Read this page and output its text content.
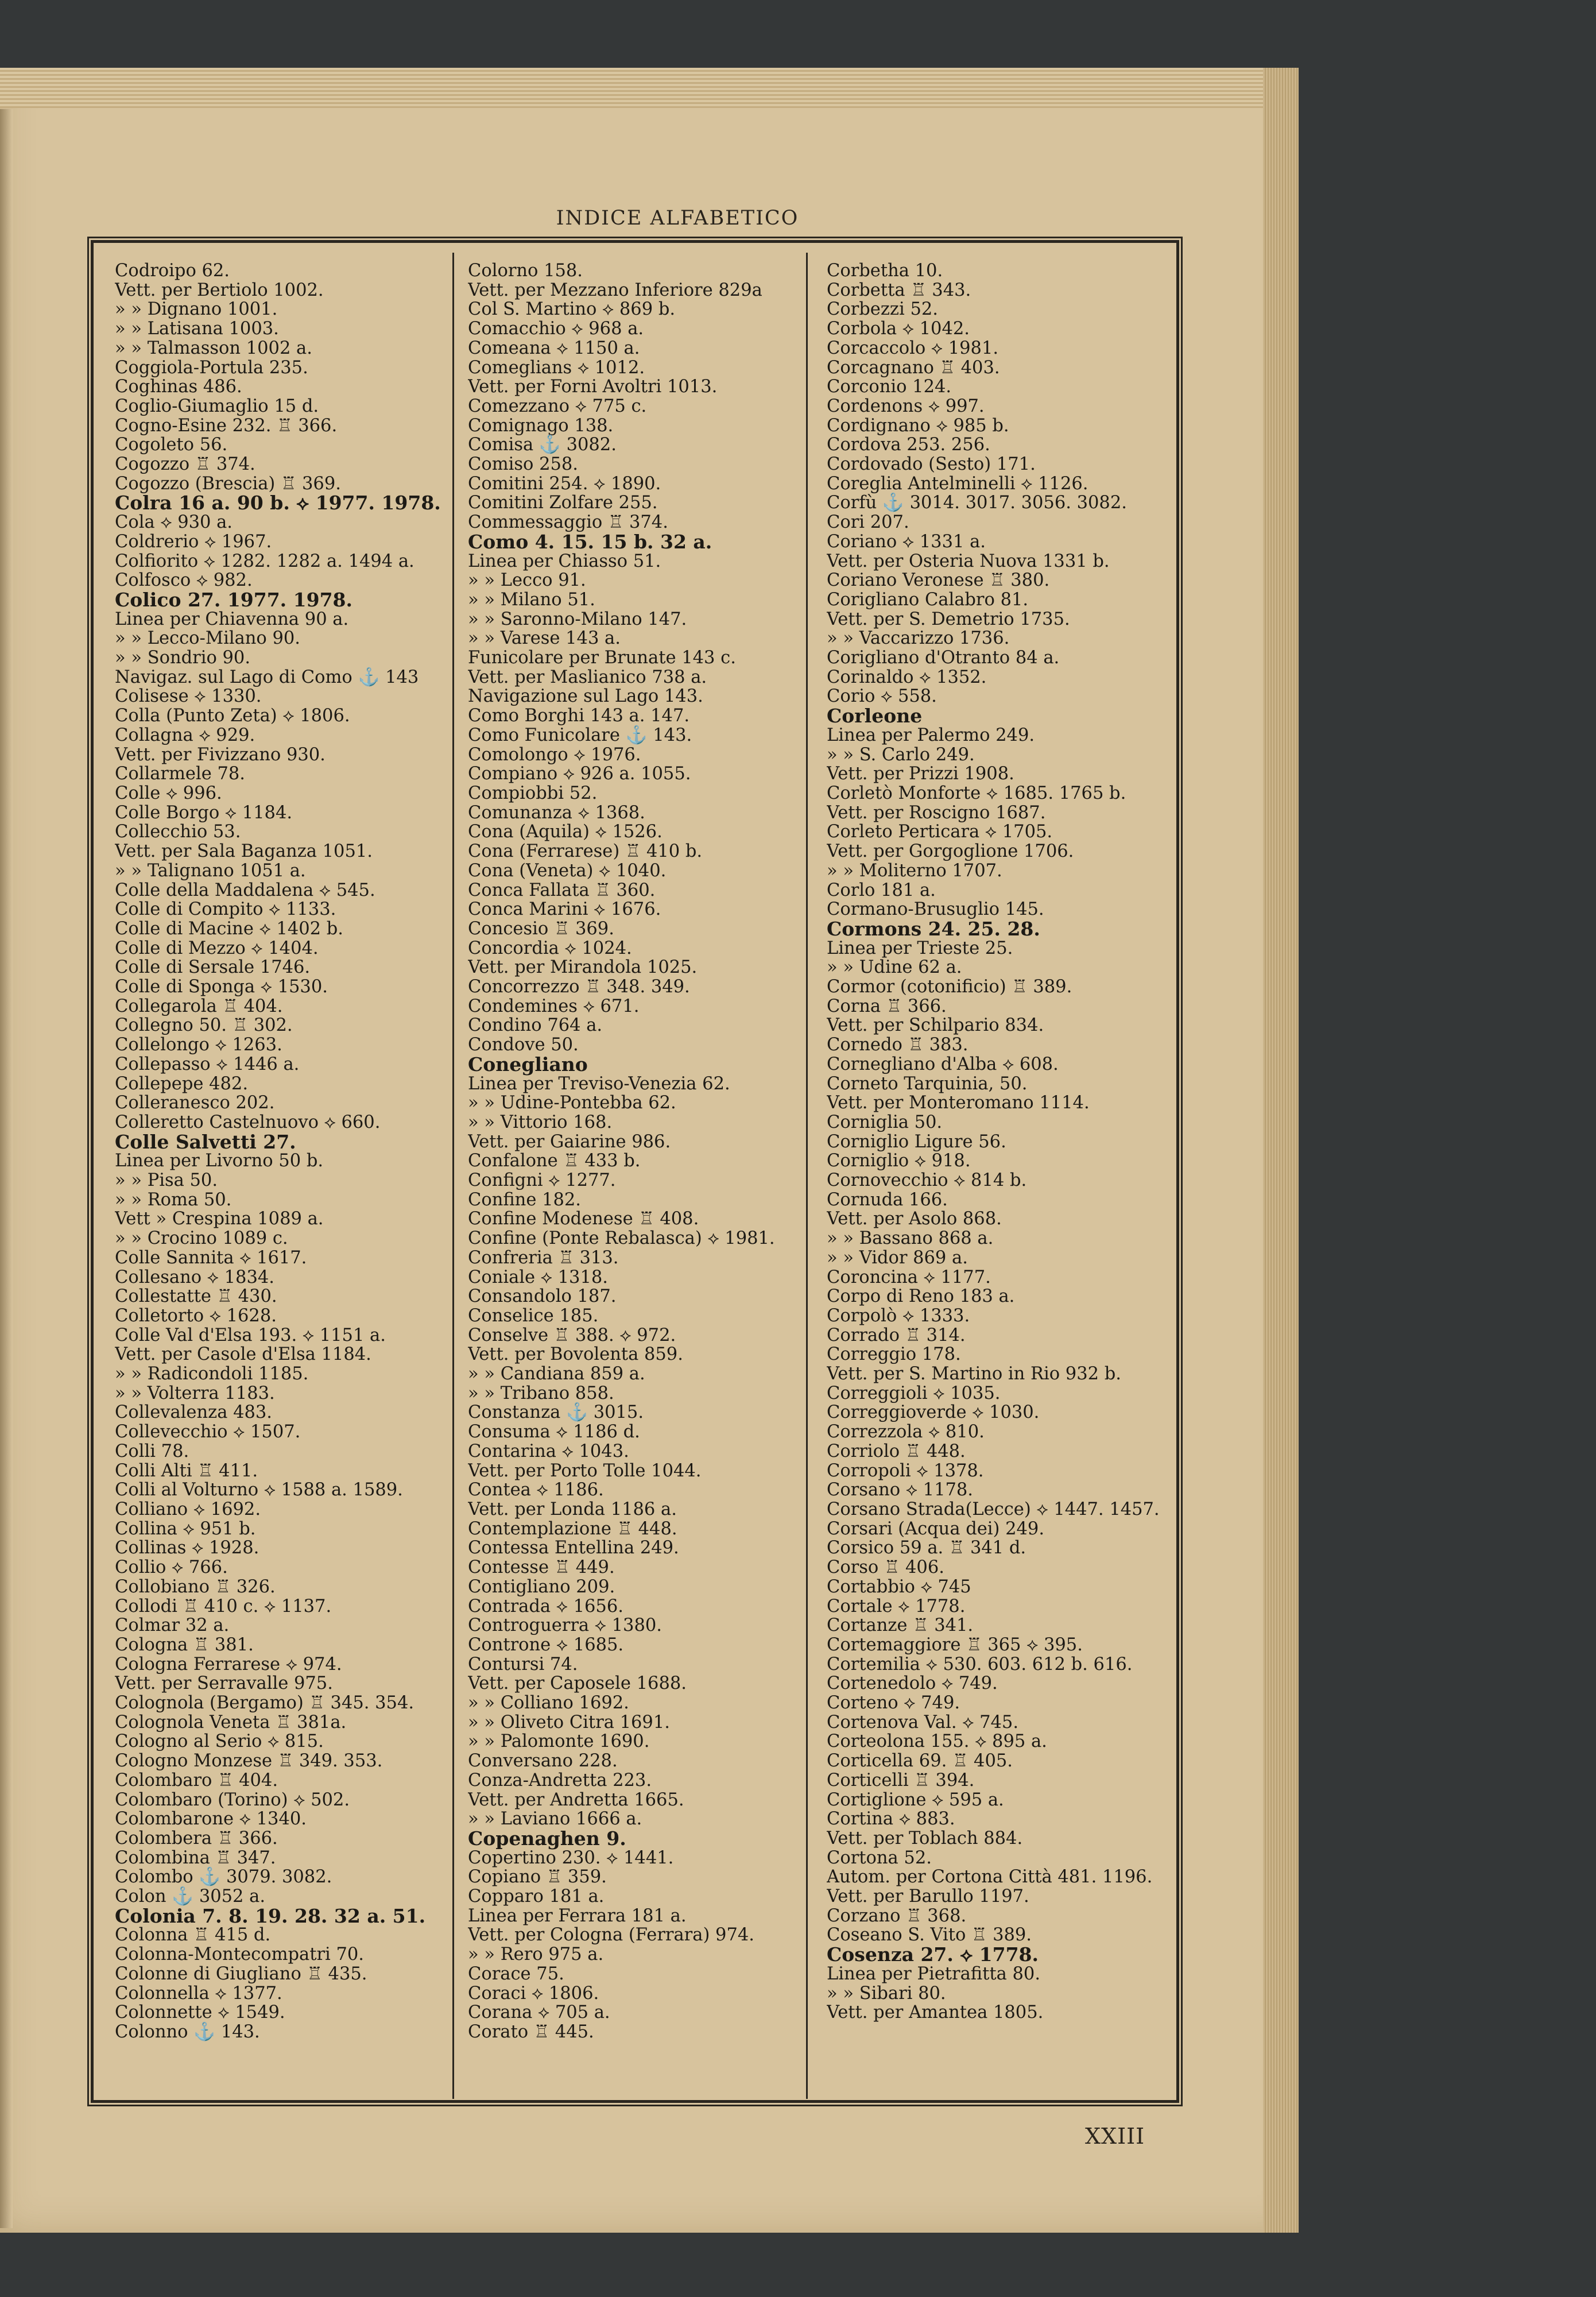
INDICE ALFABETICO
Codroipo 62.
Vett. per Bertiolo 1002.
» » Dignano 1001.
» » Latisana 1003.
» » Talmasson 1002 a.
Coggiola-Portula 235.
Coghinas 486.
Coglio-Giumaglio 15 d.
Cogno-Esine 232. ♖ 366.
Cogoleto 56.
Cogozzo ♖ 374.
Cogozzo (Brescia) ♖ 369.
Colra 16 a. 90 b. ⟡ 1977. 1978.
Cola ⟡ 930 a.
Coldrerio ⟡ 1967.
Colfiorito ⟡ 1282. 1282 a. 1494 a.
Colfosco ⟡ 982.
Colico 27. 1977. 1978.
Linea per Chiavenna 90 a.
» » Lecco-Milano 90.
» » Sondrio 90.
Navigaz. sul Lago di Como ⚓ 143
Colisese ⟡ 1330.
Colla (Punto Zeta) ⟡ 1806.
Collagna ⟡ 929.
Vett. per Fivizzano 930.
Collarmele 78.
Colle ⟡ 996.
Colle Borgo ⟡ 1184.
Collecchio 53.
Vett. per Sala Baganza 1051.
» » Talignano 1051 a.
Colle della Maddalena ⟡ 545.
Colle di Compito ⟡ 1133.
Colle di Macine ⟡ 1402 b.
Colle di Mezzo ⟡ 1404.
Colle di Sersale 1746.
Colle di Sponga ⟡ 1530.
Collegarola ♖ 404.
Collegno 50. ♖ 302.
Collelongo ⟡ 1263.
Collepasso ⟡ 1446 a.
Collepepe 482.
Colleranesco 202.
Colleretto Castelnuovo ⟡ 660.
Colle Salvetti 27.
Linea per Livorno 50 b.
» » Pisa 50.
» » Roma 50.
Vett » Crespina 1089 a.
» » Crocino 1089 c.
Colle Sannita ⟡ 1617.
Collesano ⟡ 1834.
Collestatte ♖ 430.
Colletorto ⟡ 1628.
Colle Val d'Elsa 193. ⟡ 1151 a.
Vett. per Casole d'Elsa 1184.
» » Radicondoli 1185.
» » Volterra 1183.
Collevalenza 483.
Collevecchio ⟡ 1507.
Colli 78.
Colli Alti ♖ 411.
Colli al Volturno ⟡ 1588 a. 1589.
Colliano ⟡ 1692.
Collina ⟡ 951 b.
Collinas ⟡ 1928.
Collio ⟡ 766.
Collobiano ♖ 326.
Collodi ♖ 410 c. ⟡ 1137.
Colmar 32 a.
Cologna ♖ 381.
Cologna Ferrarese ⟡ 974.
Vett. per Serravalle 975.
Colognola (Bergamo) ♖ 345. 354.
Colognola Veneta ♖ 381a.
Cologno al Serio ⟡ 815.
Cologno Monzese ♖ 349. 353.
Colombaro ♖ 404.
Colombaro (Torino) ⟡ 502.
Colombarone ⟡ 1340.
Colombera ♖ 366.
Colombina ♖ 347.
Colombo ⚓ 3079. 3082.
Colon ⚓ 3052 a.
Colonia 7. 8. 19. 28. 32 a. 51.
Colonna ♖ 415 d.
Colonna-Montecompatri 70.
Colonne di Giugliano ♖ 435.
Colonnella ⟡ 1377.
Colonnette ⟡ 1549.
Colonno ⚓ 143.
Colorno 158.
Vett. per Mezzano Inferiore 829a
Col S. Martino ⟡ 869 b.
Comacchio ⟡ 968 a.
Comeana ⟡ 1150 a.
Comeglians ⟡ 1012.
Vett. per Forni Avoltri 1013.
Comezzano ⟡ 775 c.
Comignago 138.
Comisa ⚓ 3082.
Comiso 258.
Comitini 254. ⟡ 1890.
Comitini Zolfare 255.
Commessaggio ♖ 374.
Como 4. 15. 15 b. 32 a.
Linea per Chiasso 51.
» » Lecco 91.
» » Milano 51.
» » Saronno-Milano 147.
» » Varese 143 a.
Funicolare per Brunate 143 c.
Vett. per Maslianico 738 a.
Navigazione sul Lago 143.
Como Borghi 143 a. 147.
Como Funicolare ⚓ 143.
Comolongo ⟡ 1976.
Compiano ⟡ 926 a. 1055.
Compiobbi 52.
Comunanza ⟡ 1368.
Cona (Aquila) ⟡ 1526.
Cona (Ferrarese) ♖ 410 b.
Cona (Veneta) ⟡ 1040.
Conca Fallata ♖ 360.
Conca Marini ⟡ 1676.
Concesio ♖ 369.
Concordia ⟡ 1024.
Vett. per Mirandola 1025.
Concorrezzo ♖ 348. 349.
Condemines ⟡ 671.
Condino 764 a.
Condove 50.
Conegliano
Linea per Treviso-Venezia 62.
» » Udine-Pontebba 62.
» » Vittorio 168.
Vett. per Gaiarine 986.
Confalone ♖ 433 b.
Configni ⟡ 1277.
Confine 182.
Confine Modenese ♖ 408.
Confine (Ponte Rebalasca) ⟡ 1981.
Confreria ♖ 313.
Coniale ⟡ 1318.
Consandolo 187.
Conselice 185.
Conselve ♖ 388. ⟡ 972.
Vett. per Bovolenta 859.
» » Candiana 859 a.
» » Tribano 858.
Constanza ⚓ 3015.
Consuma ⟡ 1186 d.
Contarina ⟡ 1043.
Vett. per Porto Tolle 1044.
Contea ⟡ 1186.
Vett. per Londa 1186 a.
Contemplazione ♖ 448.
Contessa Entellina 249.
Contesse ♖ 449.
Contigliano 209.
Contrada ⟡ 1656.
Controguerra ⟡ 1380.
Controne ⟡ 1685.
Contursi 74.
Vett. per Caposele 1688.
» » Colliano 1692.
» » Oliveto Citra 1691.
» » Palomonte 1690.
Conversano 228.
Conza-Andretta 223.
Vett. per Andretta 1665.
» » Laviano 1666 a.
Copenaghen 9.
Copertino 230. ⟡ 1441.
Copiano ♖ 359.
Copparo 181 a.
Linea per Ferrara 181 a.
Vett. per Cologna (Ferrara) 974.
» » Rero 975 a.
Corace 75.
Coraci ⟡ 1806.
Corana ⟡ 705 a.
Corato ♖ 445.
Corbetha 10.
Corbetta ♖ 343.
Corbezzi 52.
Corbola ⟡ 1042.
Corcaccolo ⟡ 1981.
Corcagnano ♖ 403.
Corconio 124.
Cordenons ⟡ 997.
Cordignano ⟡ 985 b.
Cordova 253. 256.
Cordovado (Sesto) 171.
Coreglia Antelminelli ⟡ 1126.
Corfù ⚓ 3014. 3017. 3056. 3082.
Cori 207.
Coriano ⟡ 1331 a.
Vett. per Osteria Nuova 1331 b.
Coriano Veronese ♖ 380.
Corigliano Calabro 81.
Vett. per S. Demetrio 1735.
» » Vaccarizzo 1736.
Corigliano d'Otranto 84 a.
Corinaldo ⟡ 1352.
Corio ⟡ 558.
Corleone
Linea per Palermo 249.
» » S. Carlo 249.
Vett. per Prizzi 1908.
Corletò Monforte ⟡ 1685. 1765 b.
Vett. per Roscigno 1687.
Corleto Perticara ⟡ 1705.
Vett. per Gorgoglione 1706.
» » Moliterno 1707.
Corlo 181 a.
Cormano-Brusuglio 145.
Cormons 24. 25. 28.
Linea per Trieste 25.
» » Udine 62 a.
Cormor (cotonificio) ♖ 389.
Corna ♖ 366.
Vett. per Schilpario 834.
Cornedo ♖ 383.
Cornegliano d'Alba ⟡ 608.
Corneto Tarquinia, 50.
Vett. per Monteromano 1114.
Corniglia 50.
Corniglio Ligure 56.
Corniglio ⟡ 918.
Cornovecchio ⟡ 814 b.
Cornuda 166.
Vett. per Asolo 868.
» » Bassano 868 a.
» » Vidor 869 a.
Coroncina ⟡ 1177.
Corpo di Reno 183 a.
Corpolò ⟡ 1333.
Corrado ♖ 314.
Correggio 178.
Vett. per S. Martino in Rio 932 b.
Correggioli ⟡ 1035.
Correggioverde ⟡ 1030.
Correzzola ⟡ 810.
Corriolo ♖ 448.
Corropoli ⟡ 1378.
Corsano ⟡ 1178.
Corsano Strada(Lecce) ⟡ 1447. 1457.
Corsari (Acqua dei) 249.
Corsico 59 a. ♖ 341 d.
Corso ♖ 406.
Cortabbio ⟡ 745
Cortale ⟡ 1778.
Cortanze ♖ 341.
Cortemaggiore ♖ 365 ⟡ 395.
Cortemilia ⟡ 530. 603. 612 b. 616.
Cortenedolo ⟡ 749.
Corteno ⟡ 749.
Cortenova Val. ⟡ 745.
Corteolona 155. ⟡ 895 a.
Corticella 69. ♖ 405.
Corticelli ♖ 394.
Cortiglione ⟡ 595 a.
Cortina ⟡ 883.
Vett. per Toblach 884.
Cortona 52.
Autom. per Cortona Città 481. 1196.
Vett. per Barullo 1197.
Corzano ♖ 368.
Coseano S. Vito ♖ 389.
Cosenza 27. ⟡ 1778.
Linea per Pietrafitta 80.
» » Sibari 80.
Vett. per Amantea 1805.
XXIII
